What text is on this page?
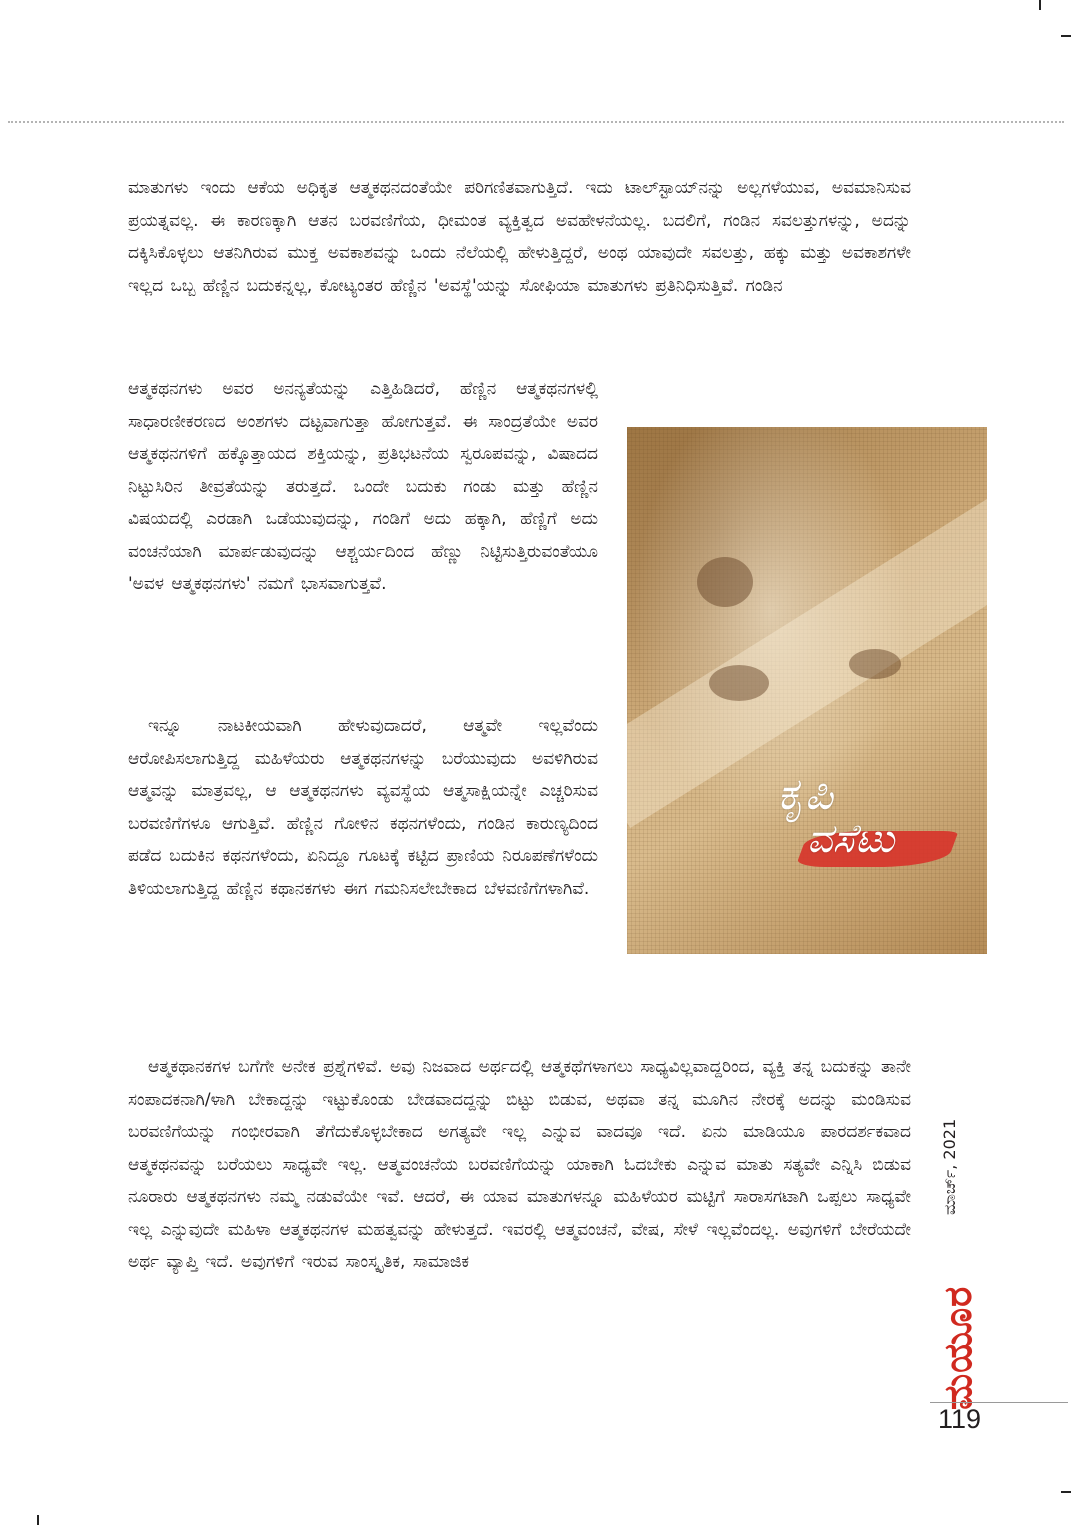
ಮಾತುಗಳು ಇಂದು ಆಕೆಯ ಅಧಿಕೃತ ಆತ್ಮಕಥನದಂತೆಯೇ ಪರಿಗಣಿತವಾಗುತ್ತಿದೆ. ಇದು ಟಾಲ್‌ಸ್ಟಾಯ್‌ನನ್ನು ಅಲ್ಲಗಳೆಯುವ, ಅವಮಾನಿಸುವ ಪ್ರಯತ್ನವಲ್ಲ. ಈ ಕಾರಣಕ್ಕಾಗಿ ಆತನ ಬರವಣಿಗೆಯ, ಧೀಮಂತ ವ್ಯಕ್ತಿತ್ವದ ಅವಹೇಳನೆಯಲ್ಲ. ಬದಲಿಗೆ, ಗಂಡಿನ ಸವಲತ್ತುಗಳನ್ನು, ಅದನ್ನು ದಕ್ಕಿಸಿಕೊಳ್ಳಲು ಆತನಿಗಿರುವ ಮುಕ್ತ ಅವಕಾಶವನ್ನು ಒಂದು ನೆಲೆಯಲ್ಲಿ ಹೇಳುತ್ತಿದ್ದರೆ, ಅಂಥ ಯಾವುದೇ ಸವಲತ್ತು, ಹಕ್ಕು ಮತ್ತು ಅವಕಾಶಗಳೇ ಇಲ್ಲದ ಒಬ್ಬ ಹೆಣ್ಣಿನ ಬದುಕನ್ನಲ್ಲ, ಕೋಟ್ಯಂತರ ಹೆಣ್ಣಿನ 'ಅವಸ್ಥೆ'ಯನ್ನು ಸೋಫಿಯಾ ಮಾತುಗಳು ಪ್ರತಿನಿಧಿಸುತ್ತಿವೆ. ಗಂಡಿನ

ಆತ್ಮಕಥನಗಳು ಅವರ ಅನನ್ಯತೆಯನ್ನು ಎತ್ತಿಹಿಡಿದರೆ, ಹೆಣ್ಣಿನ ಆತ್ಮಕಥನಗಳಲ್ಲಿ ಸಾಧಾರಣೀಕರಣದ ಅಂಶಗಳು ದಟ್ಟವಾಗುತ್ತಾ ಹೋಗುತ್ತವೆ. ಈ ಸಾಂದ್ರತೆಯೇ ಅವರ ಆತ್ಮಕಥನಗಳಿಗೆ ಹಕ್ಕೊತ್ತಾಯದ ಶಕ್ತಿಯನ್ನು, ಪ್ರತಿಭಟನೆಯ ಸ್ವರೂಪವನ್ನು, ವಿಷಾದದ ನಿಟ್ಟುಸಿರಿನ ತೀವ್ರತೆಯನ್ನು ತರುತ್ತದೆ. ಒಂದೇ ಬದುಕು ಗಂಡು ಮತ್ತು ಹೆಣ್ಣಿನ ವಿಷಯದಲ್ಲಿ ಎರಡಾಗಿ ಒಡೆಯುವುದನ್ನು, ಗಂಡಿಗೆ ಅದು ಹಕ್ಕಾಗಿ, ಹೆಣ್ಣಿಗೆ ಅದು ವಂಚನೆಯಾಗಿ ಮಾರ್ಪಡುವುದನ್ನು ಆಶ್ಚರ್ಯದಿಂದ ಹೆಣ್ಣು ನಿಟ್ಟಿಸುತ್ತಿರುವಂತೆಯೂ 'ಅವಳ ಆತ್ಮಕಥನಗಳು' ನಮಗೆ ಭಾಸವಾಗುತ್ತವೆ.

ಇನ್ನೂ ನಾಟಕೀಯವಾಗಿ ಹೇಳುವುದಾದರೆ, ಆತ್ಮವೇ ಇಲ್ಲವೆಂದು ಆರೋಪಿಸಲಾಗುತ್ತಿದ್ದ ಮಹಿಳೆಯರು ಆತ್ಮಕಥನಗಳನ್ನು ಬರೆಯುವುದು ಅವಳಿಗಿರುವ ಆತ್ಮವನ್ನು ಮಾತ್ರವಲ್ಲ, ಆ ಆತ್ಮಕಥನಗಳು ವ್ಯವಸ್ಥೆಯ ಆತ್ಮಸಾಕ್ಷಿಯನ್ನೇ ಎಚ್ಚರಿಸುವ ಬರವಣಿಗೆಗಳೂ ಆಗುತ್ತಿವೆ. ಹೆಣ್ಣಿನ ಗೋಳಿನ ಕಥನಗಳೆಂದು, ಗಂಡಿನ ಕಾರುಣ್ಯದಿಂದ ಪಡೆದ ಬದುಕಿನ ಕಥನಗಳೆಂದು, ಏನಿದ್ದೂ ಗೂಟಕ್ಕೆ ಕಟ್ಟಿದ ಪ್ರಾಣಿಯ ನಿರೂಪಣೆಗಳೆಂದು ತಿಳಿಯಲಾಗುತ್ತಿದ್ದ ಹೆಣ್ಣಿನ ಕಥಾನಕಗಳು ಈಗ ಗಮನಿಸಲೇಬೇಕಾದ ಬೆಳವಣಿಗೆಗಳಾಗಿವೆ.

ಆತ್ಮಕಥಾನಕಗಳ ಬಗೆಗೇ ಅನೇಕ ಪ್ರಶ್ನೆಗಳಿವೆ. ಅವು ನಿಜವಾದ ಅರ್ಥದಲ್ಲಿ ಆತ್ಮಕಥೆಗಳಾಗಲು ಸಾಧ್ಯವಿಲ್ಲವಾದ್ದರಿಂದ, ವ್ಯಕ್ತಿ ತನ್ನ ಬದುಕನ್ನು ತಾನೇ ಸಂಪಾದಕನಾಗಿ/ಳಾಗಿ ಬೇಕಾದ್ದನ್ನು ಇಟ್ಟುಕೊಂಡು ಬೇಡವಾದದ್ದನ್ನು ಬಿಟ್ಟು ಬಿಡುವ, ಅಥವಾ ತನ್ನ ಮೂಗಿನ ನೇರಕ್ಕೆ ಅದನ್ನು ಮಂಡಿಸುವ ಬರವಣಿಗೆಯನ್ನು ಗಂಭೀರವಾಗಿ ತೆಗೆದುಕೊಳ್ಳಬೇಕಾದ ಅಗತ್ಯವೇ ಇಲ್ಲ ಎನ್ನುವ ವಾದವೂ ಇದೆ. ಏನು ಮಾಡಿಯೂ ಪಾರದರ್ಶಕವಾದ ಆತ್ಮಕಥನವನ್ನು ಬರೆಯಲು ಸಾಧ್ಯವೇ ಇಲ್ಲ. ಆತ್ಮವಂಚನೆಯ ಬರವಣಿಗೆಯನ್ನು ಯಾಕಾಗಿ ಓದಬೇಕು ಎನ್ನುವ ಮಾತು ಸತ್ಯವೇ ಎನ್ನಿಸಿ ಬಿಡುವ ನೂರಾರು ಆತ್ಮಕಥನಗಳು ನಮ್ಮ ನಡುವೆಯೇ ಇವೆ. ಆದರೆ, ಈ ಯಾವ ಮಾತುಗಳನ್ನೂ ಮಹಿಳೆಯರ ಮಟ್ಟಿಗೆ ಸಾರಾಸಗಟಾಗಿ ಒಪ್ಪಲು ಸಾಧ್ಯವೇ ಇಲ್ಲ ಎನ್ನುವುದೇ ಮಹಿಳಾ ಆತ್ಮಕಥನಗಳ ಮಹತ್ವವನ್ನು ಹೇಳುತ್ತದೆ. ಇವರಲ್ಲಿ ಆತ್ಮವಂಚನೆ, ವೇಷ, ಸೇಳೆ ಇಲ್ಲವೆಂದಲ್ಲ. ಅವುಗಳಿಗೆ ಬೇರೆಯದೇ ಅರ್ಥ ವ್ಯಾಪ್ತಿ ಇದೆ. ಅವುಗಳಿಗೆ ಇರುವ ಸಾಂಸ್ಕೃತಿಕ, ಸಾಮಾಜಿಕ

ಕೃಪಿ
ವಸೆಟು
ಮಾರ್ಚ್, 2021
ಮಯೂರ
119
